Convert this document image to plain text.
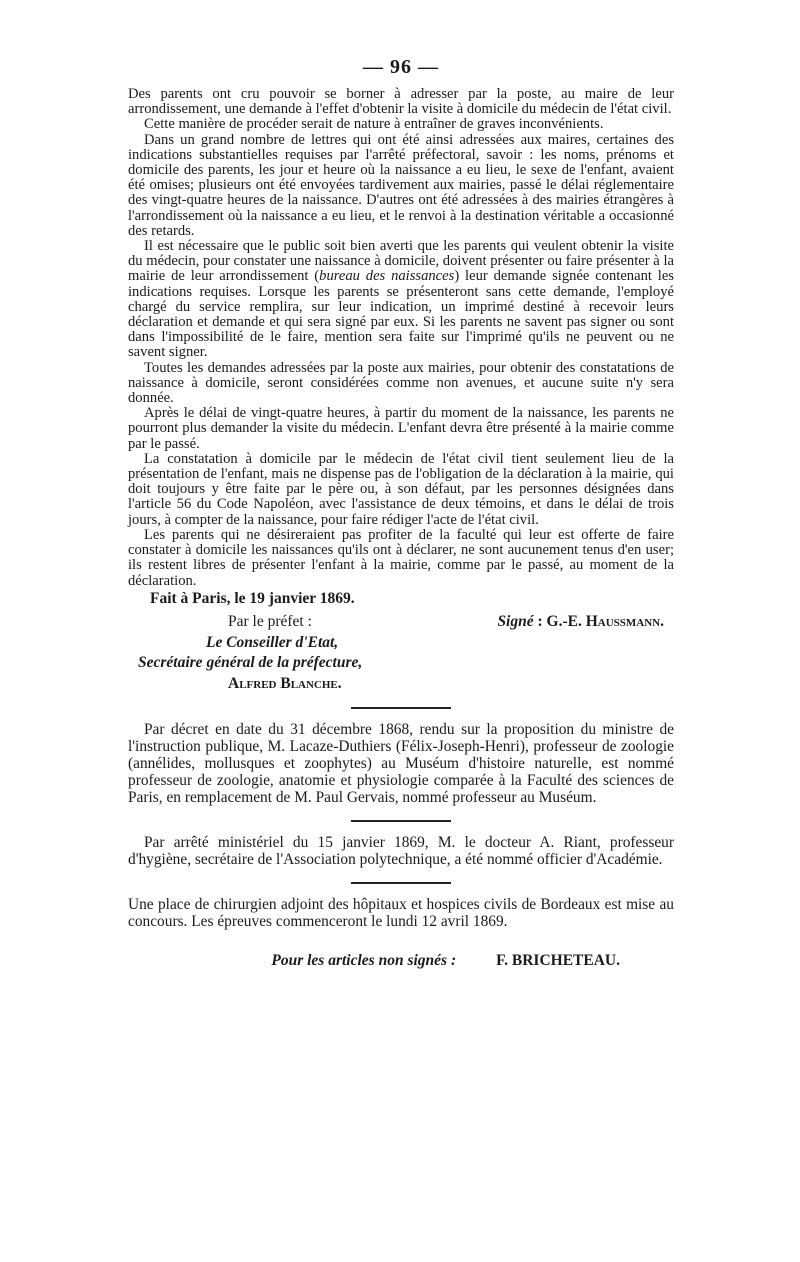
— 96 —

Des parents ont cru pouvoir se borner à adresser par la poste, au maire de leur arrondissement, une demande à l'effet d'obtenir la visite à domicile du médecin de l'état civil.

Cette manière de procéder serait de nature à entraîner de graves inconvénients.

Dans un grand nombre de lettres qui ont été ainsi adressées aux maires, certaines des indications substantielles requises par l'arrêté préfectoral, savoir : les noms, prénoms et domicile des parents, les jour et heure où la naissance a eu lieu, le sexe de l'enfant, avaient été omises; plusieurs ont été envoyées tardivement aux mairies, passé le délai réglementaire des vingt-quatre heures de la naissance. D'autres ont été adressées à des mairies étrangères à l'arrondissement où la naissance a eu lieu, et le renvoi à la destination véritable a occasionné des retards.

Il est nécessaire que le public soit bien averti que les parents qui veulent obtenir la visite du médecin, pour constater une naissance à domicile, doivent présenter ou faire présenter à la mairie de leur arrondissement (bureau des naissances) leur demande signée contenant les indications requises. Lorsque les parents se présenteront sans cette demande, l'employé chargé du service remplira, sur leur indication, un imprimé destiné à recevoir leurs déclaration et demande et qui sera signé par eux. Si les parents ne savent pas signer ou sont dans l'impossibilité de le faire, mention sera faite sur l'imprimé qu'ils ne peuvent ou ne savent signer.

Toutes les demandes adressées par la poste aux mairies, pour obtenir des constatations de naissance à domicile, seront considérées comme non avenues, et aucune suite n'y sera donnée.

Après le délai de vingt-quatre heures, à partir du moment de la naissance, les parents ne pourront plus demander la visite du médecin. L'enfant devra être présenté à la mairie comme par le passé.

La constatation à domicile par le médecin de l'état civil tient seulement lieu de la présentation de l'enfant, mais ne dispense pas de l'obligation de la déclaration à la mairie, qui doit toujours y être faite par le père ou, à son défaut, par les personnes désignées dans l'article 56 du Code Napoléon, avec l'assistance de deux témoins, et dans le délai de trois jours, à compter de la naissance, pour faire rédiger l'acte de l'état civil.

Les parents qui ne désireraient pas profiter de la faculté qui leur est offerte de faire constater à domicile les naissances qu'ils ont à déclarer, ne sont aucunement tenus d'en user; ils restent libres de présenter l'enfant à la mairie, comme par le passé, au moment de la déclaration.

Fait à Paris, le 19 janvier 1869.

Par le préfet :	Signé : G.-E. Haussmann.
Le Conseiller d'Etat,
Secrétaire général de la préfecture,
Alfred Blanche.

Par décret en date du 31 décembre 1868, rendu sur la proposition du ministre de l'instruction publique, M. Lacaze-Duthiers (Félix-Joseph-Henri), professeur de zoologie (annélides, mollusques et zoophytes) au Muséum d'histoire naturelle, est nommé professeur de zoologie, anatomie et physiologie comparée à la Faculté des sciences de Paris, en remplacement de M. Paul Gervais, nommé professeur au Muséum.

Par arrêté ministériel du 15 janvier 1869, M. le docteur A. Riant, professeur d'hygiène, secrétaire de l'Association polytechnique, a été nommé officier d'Académie.

Une place de chirurgien adjoint des hôpitaux et hospices civils de Bordeaux est mise au concours. Les épreuves commenceront le lundi 12 avril 1869.

Pour les articles non signés :	F. BRICHETEAU.
